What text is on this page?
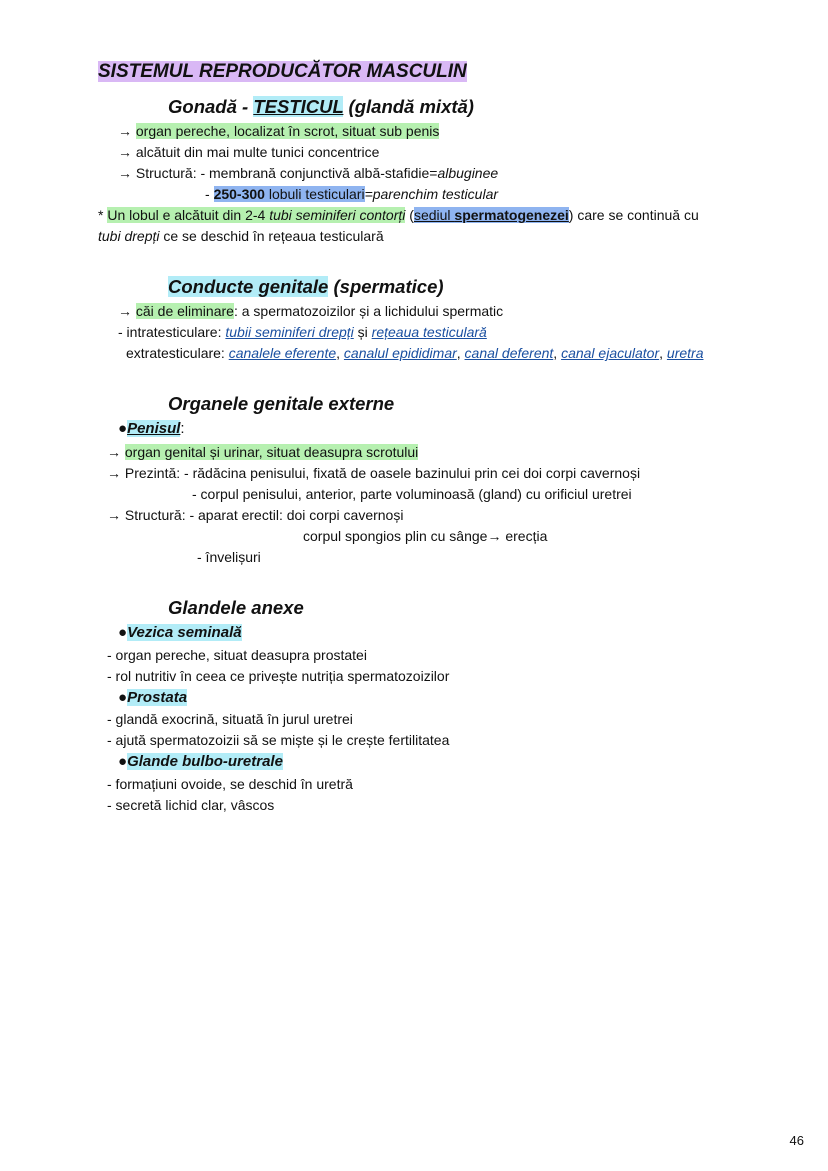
SISTEMUL REPRODUCĂTOR MASCULIN
Gonadă - TESTICUL (glandă mixtă)
→ organ pereche, localizat în scrot, situat sub penis
→ alcătuit din mai multe tunici concentrice
→ Structură: - membrană conjunctivă albă-stafidie=albuginee
- 250-300 lobuli testiculari=parenchim testicular
* Un lobul e alcătuit din 2-4 tubi seminiferi contorți (sediul spermatogenezei) care se continuă cu
tubi drepți ce se deschid în rețeaua testiculară
Conducte genitale (spermatice)
→ căi de eliminare: a spermatozoizilor și a lichidului spermatic
- intratesticulare: tubii seminiferi drepți și rețeaua testiculară
extratesticulare: canalele eferente, canalul epididimar, canal deferent, canal ejaculator, uretra
Organele genitale externe
●Penisul:
→ organ genital și urinar, situat deasupra scrotului
→ Prezintă: - rădăcina penisului, fixată de oasele bazinului prin cei doi corpi cavernoși
- corpul penisului, anterior, parte voluminoasă (gland) cu orificiul uretrei
→ Structură: - aparat erectil: doi corpi cavernoși
corpul spongios plin cu sânge→ erecția
- învelișuri
Glandele anexe
●Vezica seminală
- organ pereche, situat deasupra prostatei
- rol nutritiv în ceea ce privește nutriția spermatozoizilor
●Prostata
- glandă exocrină, situată în jurul uretrei
- ajută spermatozoizii să se miște și le crește fertilitatea
●Glande bulbo-uretrale
- formațiuni ovoide, se deschid în uretră
- secretă lichid clar, vâscos
46
